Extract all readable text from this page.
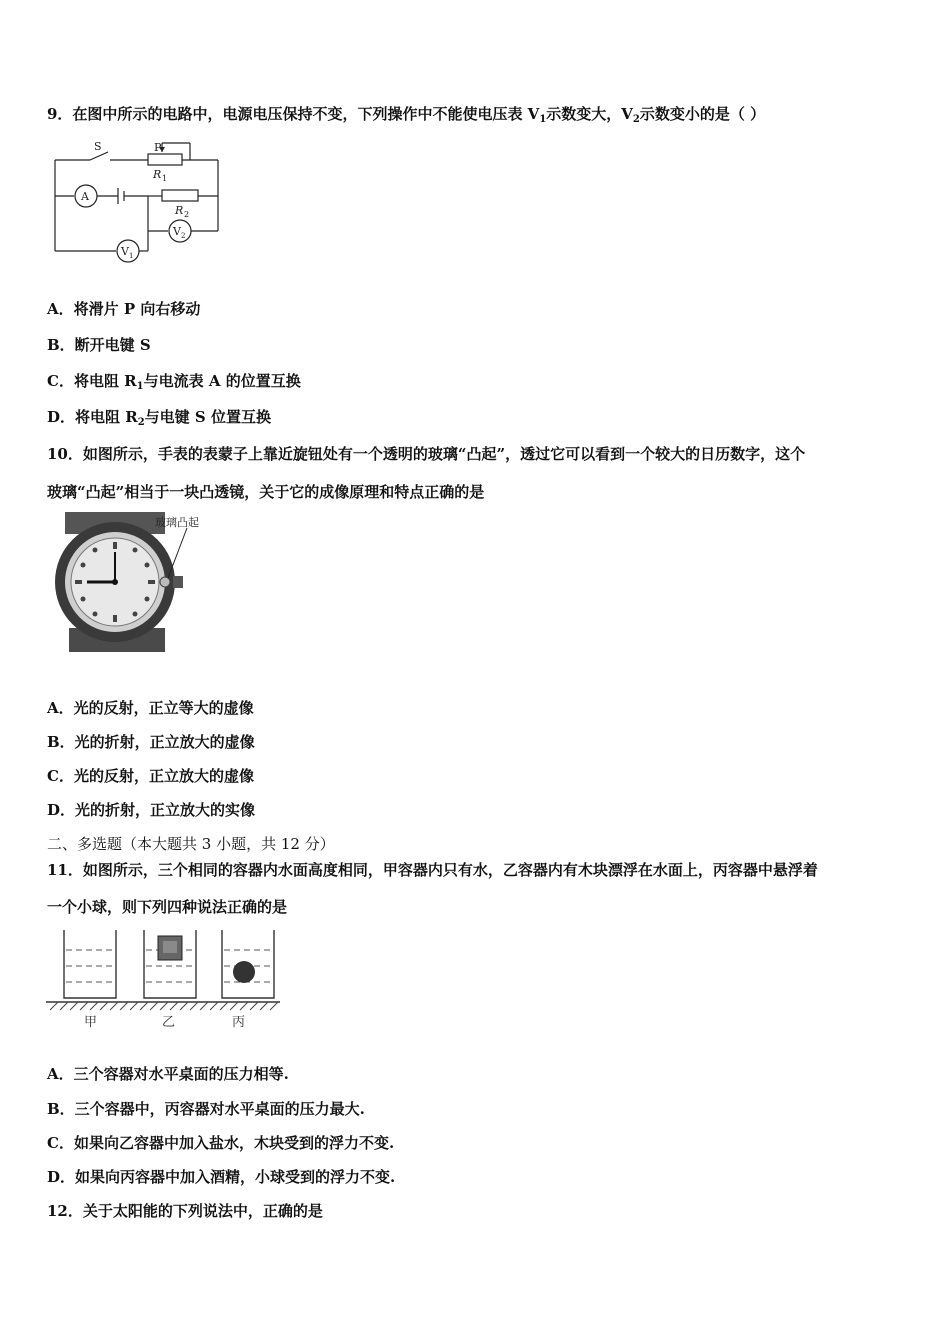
9．在图中所示的电路中，电源电压保持不变，下列操作中不能使电压表 $V_1$示数变大，$V_2$示数变小的是（ ）
S	P
R 1
R 2
A
V 2
V 1
A．将滑片 P 向右移动
B．断开电键 S
C．将电阻 $R_1$与电流表 A 的位置互换
D．将电阻 $R_2$与电键 S 位置互换
10．如图所示，手表的表蒙子上靠近旋钮处有一个透明的玻璃“凸起”，透过它可以看到一个较大的日历数字，这个
玻璃“凸起”相当于一块凸透镜，关于它的成像原理和特点正确的是
玻璃凸起
A．光的反射，正立等大的虚像
B．光的折射，正立放大的虚像
C．光的反射，正立放大的虚像
D．光的折射，正立放大的实像
二、多选题（本大题共 3 小题，共 12 分）
11．如图所示，三个相同的容器内水面高度相同，甲容器内只有水，乙容器内有木块漂浮在水面上，丙容器中悬浮着
一个小球，则下列四种说法正确的是
甲	乙	丙
A．三个容器对水平桌面的压力相等.
B．三个容器中，丙容器对水平桌面的压力最大.
C．如果向乙容器中加入盐水，木块受到的浮力不变.
D．如果向丙容器中加入酒精，小球受到的浮力不变.
12．关于太阳能的下列说法中，正确的是
